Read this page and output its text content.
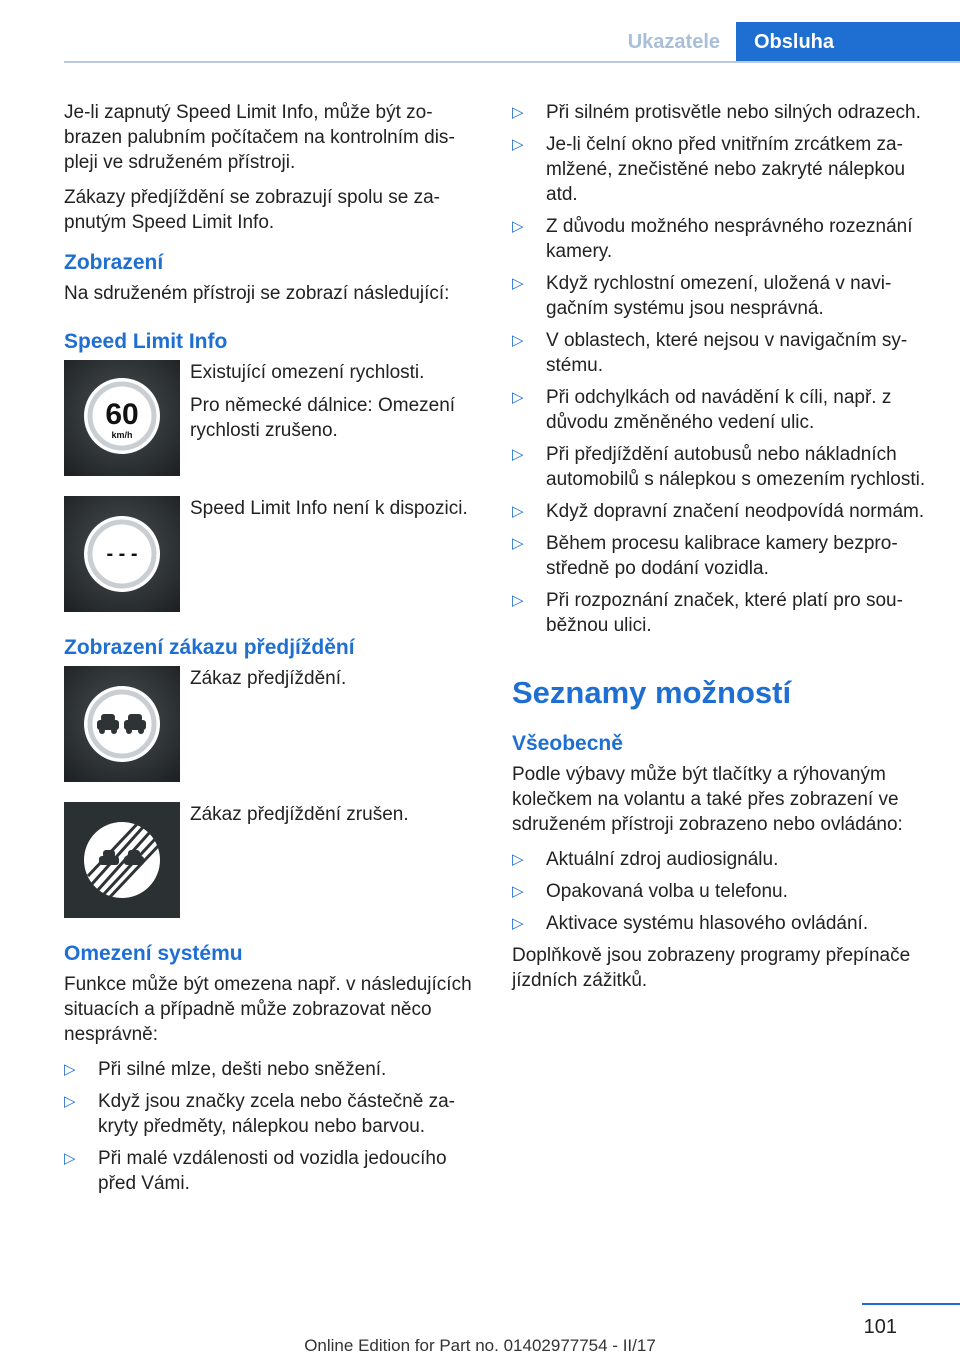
Ukazatele	Obsluha

Je-li zapnutý Speed Limit Info, může být zobrazen palubním počítačem na kontrolním displeji ve sdruženém přístroji.

Zákazy předjíždění se zobrazují spolu se zapnutým Speed Limit Info.

Zobrazení

Na sdruženém přístroji se zobrazí následující:

Speed Limit Info
60
km/h

Existující omezení rychlosti.

Pro německé dálnice: Omezení rychlosti zrušeno.

- - -

Speed Limit Info není k dispozici.

Zobrazení zákazu předjíždění

Zákaz předjíždění.

Zákaz předjíždění zrušen.

Omezení systému

Funkce může být omezena např. v následujících situacích a případně může zobrazovat něco nesprávně:

▷ Při silné mlze, dešti nebo sněžení.
▷ Když jsou značky zcela nebo částečně zakryty předměty, nálepkou nebo barvou.
▷ Při malé vzdálenosti od vozidla jedoucího před Vámi.
▷ Při silném protisvětle nebo silných odrazech.
▷ Je-li čelní okno před vnitřním zrcátkem zamlžené, znečistěné nebo zakryté nálepkou atd.
▷ Z důvodu možného nesprávného rozeznání kamery.
▷ Když rychlostní omezení, uložená v navigačním systému jsou nesprávná.
▷ V oblastech, které nejsou v navigačním systému.
▷ Při odchylkách od navádění k cíli, např. z důvodu změněného vedení ulic.
▷ Při předjíždění autobusů nebo nákladních automobilů s nálepkou s omezením rychlosti.
▷ Když dopravní značení neodpovídá normám.
▷ Během procesu kalibrace kamery bezprostředně po dodání vozidla.
▷ Při rozpoznání značek, které platí pro souběžnou ulici.
Seznamy možností
Všeobecně

Podle výbavy může být tlačítky a rýhovaným kolečkem na volantu a také přes zobrazení ve sdruženém přístroji zobrazeno nebo ovládáno:

▷ Aktuální zdroj audiosignálu.
▷ Opakovaná volba u telefonu.
▷ Aktivace systému hlasového ovládání.

Doplňkově jsou zobrazeny programy přepínače jízdních zážitků.

101
Online Edition for Part no. 01402977754 - II/17
